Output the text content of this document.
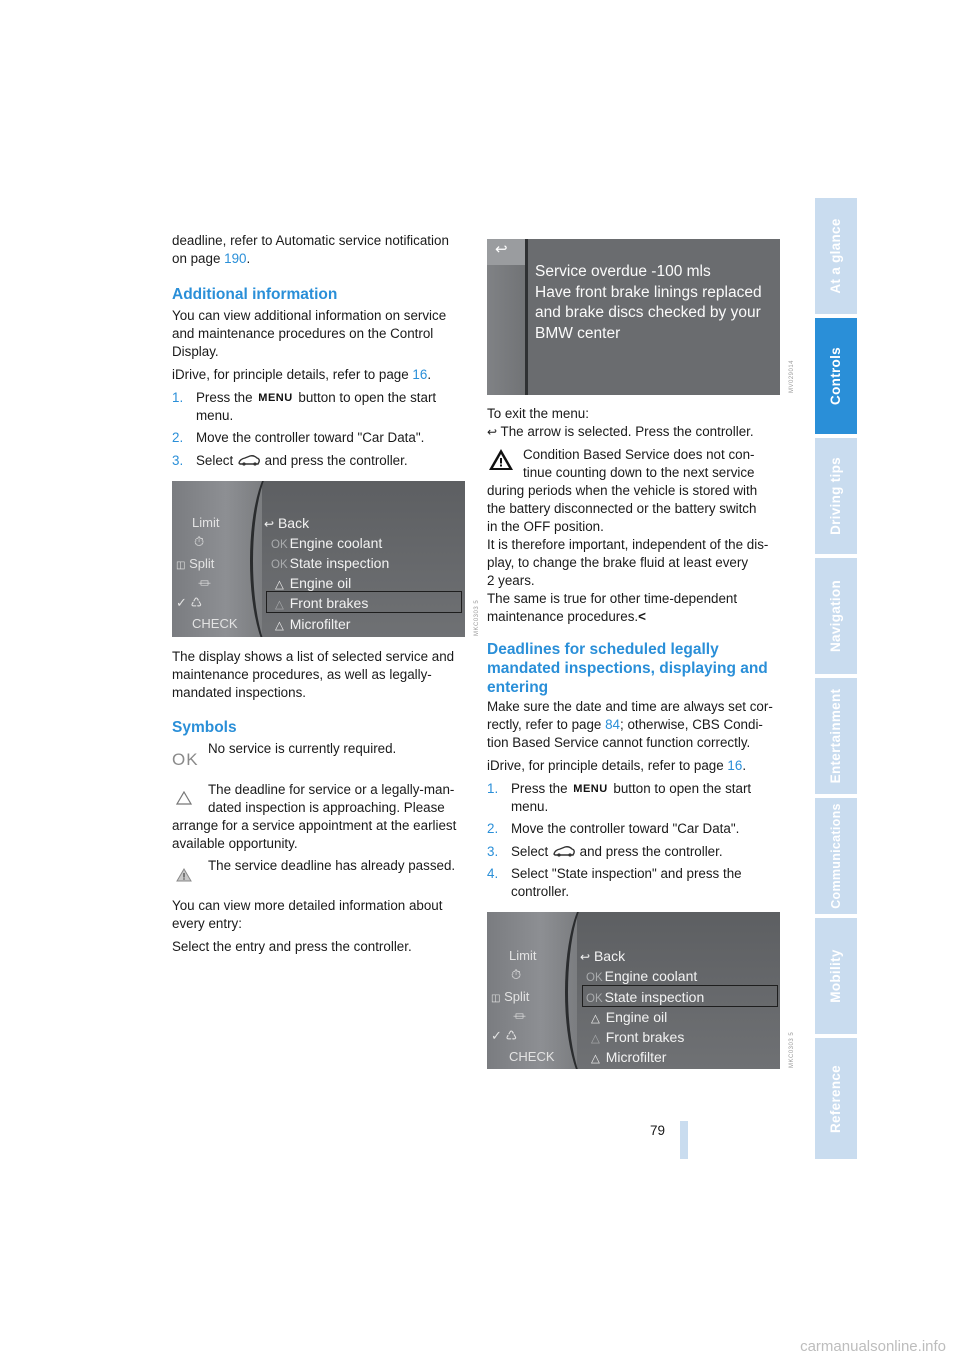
At a glance
Controls
Driving tips
Navigation
Entertainment
Communications
Mobility
Reference
deadline, refer to Automatic service notification
on page 190.
Additional information
You can view additional information on service
and maintenance procedures on the Control
Display.
iDrive, for principle details, refer to page 16.
1. Press the MENU button to open the start
menu.
2. Move the controller toward "Car Data".
3. Select  and press the controller.
Limit
⏱
◫ Split
⏛
✓ ♺
CHECK
↩ Back
OK Engine coolant
OK State inspection
△ Engine oil
△ Front brakes
△ Microfilter	MKC0303 5
The display shows a list of selected service and
maintenance procedures, as well as legally-
mandated inspections.
Symbols
OK
No service is currently required.
The deadline for service or a legally-man-
dated inspection is approaching. Please
arrange for a service appointment at the earliest
available opportunity.
The service deadline has already passed.
You can view more detailed information about
every entry:
Select the entry and press the controller.
↩
Service overdue -100 mls
Have front brake linings replaced
and brake discs checked by your
BMW center
MV029014
To exit the menu:
↩ The arrow is selected. Press the controller.
Condition Based Service does not con-
tinue counting down to the next service
during periods when the vehicle is stored with
the battery disconnected or the battery switch
in the OFF position.
It is therefore important, independent of the dis-
play, to change the brake fluid at least every
2 years.
The same is true for other time-dependent
maintenance procedures.<
Deadlines for scheduled legally
mandated inspections, displaying and
entering
Make sure the date and time are always set cor-
rectly, refer to page 84; otherwise, CBS Condi-
tion Based Service cannot function correctly.
iDrive, for principle details, refer to page 16.
1. Press the MENU button to open the start
menu.
2. Move the controller toward "Car Data".
3. Select  and press the controller.
4. Select "State inspection" and press the
controller.
Limit
⏱
◫ Split
⏛
✓ ♺
CHECK
↩ Back
OK Engine coolant
OK State inspection
△ Engine oil
△ Front brakes
△ Microfilter	MKC0303 5
79
carmanualsonline.info
